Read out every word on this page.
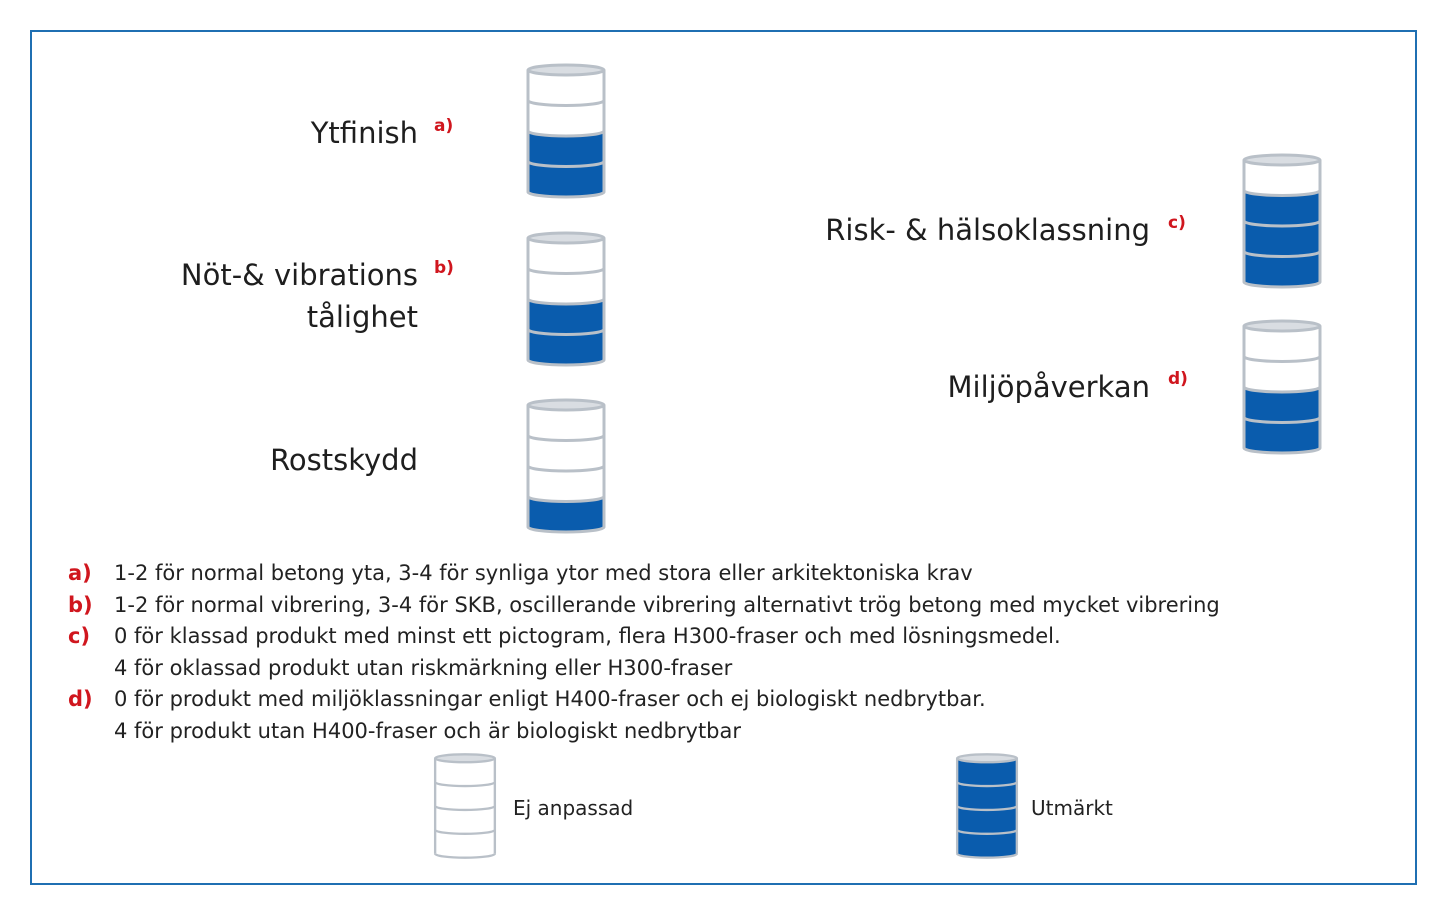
Ytfinish a)
Nöt-& vibrations
tålighet
b)
Rostskydd
Risk- & hälsoklassning c)
Miljöpåverkan d)
a)	1-2 för normal betong yta, 3-4 för synliga ytor med stora eller arkitektoniska krav
b)	1-2 för normal vibrering, 3-4 för SKB, oscillerande vibrering alternativt trög betong med mycket vibrering
c)	0 för klassad produkt med minst ett pictogram, flera H300-fraser och med lösningsmedel.
4 för oklassad produkt utan riskmärkning eller H300-fraser
d)	0 för produkt med miljöklassningar enligt H400-fraser och ej biologiskt nedbrytbar.
4 för produkt utan H400-fraser och är biologiskt nedbrytbar
Ej anpassad	Utmärkt
